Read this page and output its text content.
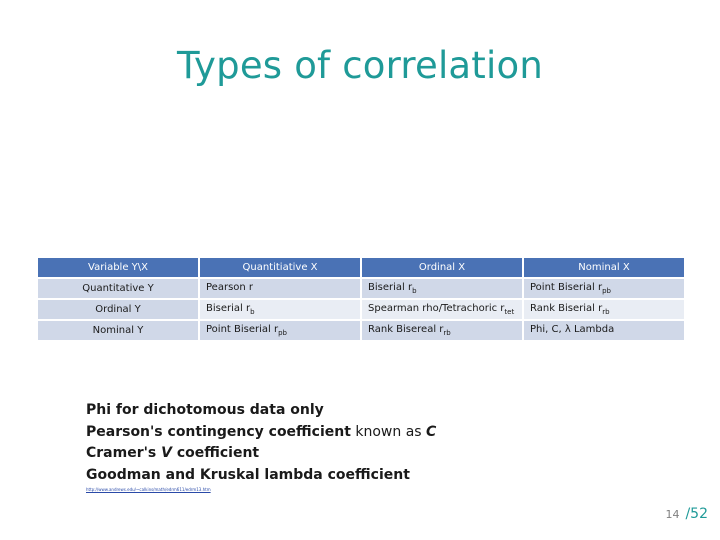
Types of correlation
Variable Y\X	Quantitiative X	Ordinal X	Nominal X
Quantitative Y	Pearson r	Biserial $r_b$	Point Biserial $r_{pb}$
Ordinal Y	Biserial $r_b$	Spearman rho/Tetrachoric $r_{tet}$	Rank Biserial $r_{rb}$
Nominal Y	Point Biserial $r_{pb}$	Rank Bisereal $r_{rb}$	Phi, C, λ Lambda
Phi for dichotomous data only
Pearson's contingency coefficient known as C
Cramer's V coefficient
Goodman and Kruskal lambda coefficient
http://www.andrews.edu/~calkins/math/edrm611/edrm13.htm
14 /52
